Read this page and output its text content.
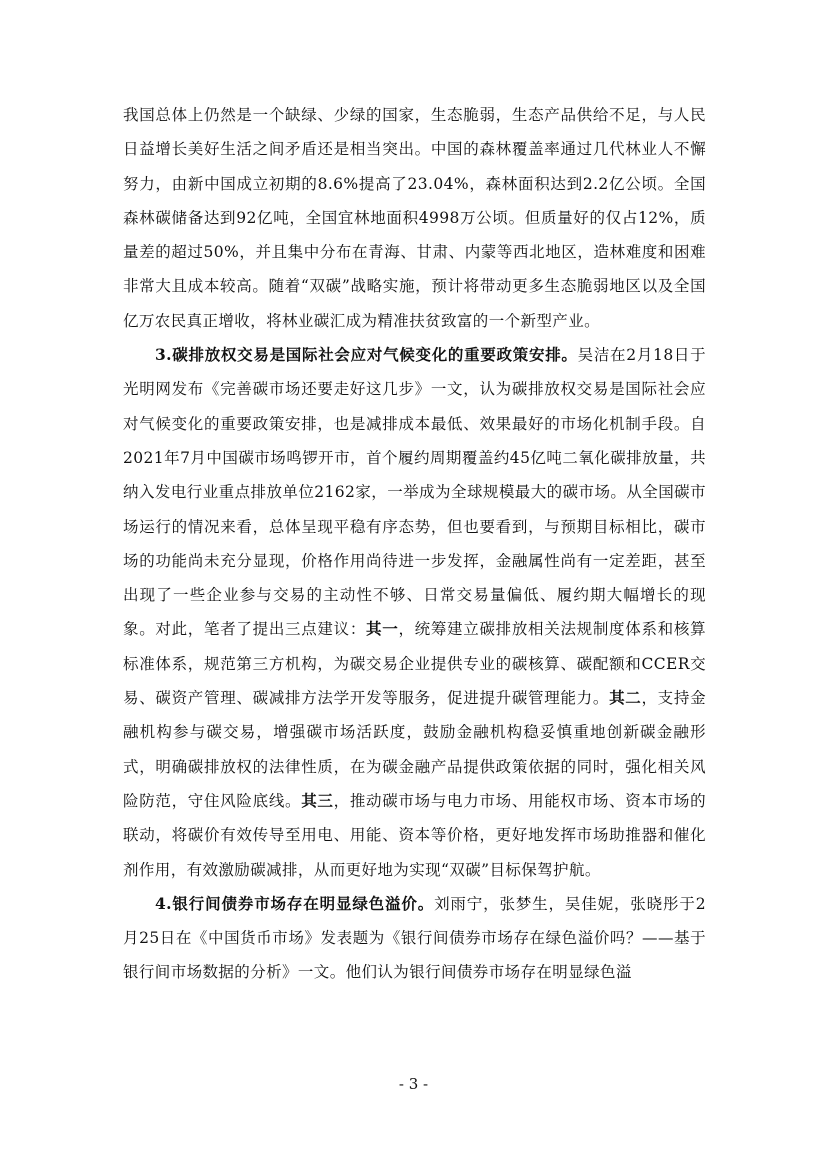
我国总体上仍然是一个缺绿、少绿的国家，生态脆弱，生态产品供给不足，与人民日益增长美好生活之间矛盾还是相当突出。中国的森林覆盖率通过几代林业人不懈努力，由新中国成立初期的8.6%提高了23.04%，森林面积达到2.2亿公顷。全国森林碳储备达到92亿吨，全国宜林地面积4998万公顷。但质量好的仅占12%，质量差的超过50%，并且集中分布在青海、甘肃、内蒙等西北地区，造林难度和困难非常大且成本较高。随着“双碳”战略实施，预计将带动更多生态脆弱地区以及全国亿万农民真正增收，将林业碳汇成为精准扶贫致富的一个新型产业。

3.碳排放权交易是国际社会应对气候变化的重要政策安排。吴洁在2月18日于光明网发布《完善碳市场还要走好这几步》一文，认为碳排放权交易是国际社会应对气候变化的重要政策安排，也是减排成本最低、效果最好的市场化机制手段。自2021年7月中国碳市场鸣锣开市，首个履约周期覆盖约45亿吨二氧化碳排放量，共纳入发电行业重点排放单位2162家，一举成为全球规模最大的碳市场。从全国碳市场运行的情况来看，总体呈现平稳有序态势，但也要看到，与预期目标相比，碳市场的功能尚未充分显现，价格作用尚待进一步发挥，金融属性尚有一定差距，甚至出现了一些企业参与交易的主动性不够、日常交易量偏低、履约期大幅增长的现象。对此，笔者了提出三点建议：其一，统筹建立碳排放相关法规制度体系和核算标准体系，规范第三方机构，为碳交易企业提供专业的碳核算、碳配额和CCER交易、碳资产管理、碳减排方法学开发等服务，促进提升碳管理能力。其二，支持金融机构参与碳交易，增强碳市场活跃度，鼓励金融机构稳妥慎重地创新碳金融形式，明确碳排放权的法律性质，在为碳金融产品提供政策依据的同时，强化相关风险防范，守住风险底线。其三，推动碳市场与电力市场、用能权市场、资本市场的联动，将碳价有效传导至用电、用能、资本等价格，更好地发挥市场助推器和催化剂作用，有效激励碳减排，从而更好地为实现“双碳”目标保驾护航。

4.银行间债券市场存在明显绿色溢价。刘雨宁，张梦生，吴佳妮，张晓彤于2月25日在《中国货币市场》发表题为《银行间债券市场存在绿色溢价吗？——基于银行间市场数据的分析》一文。他们认为银行间债券市场存在明显绿色溢

- 3 -
